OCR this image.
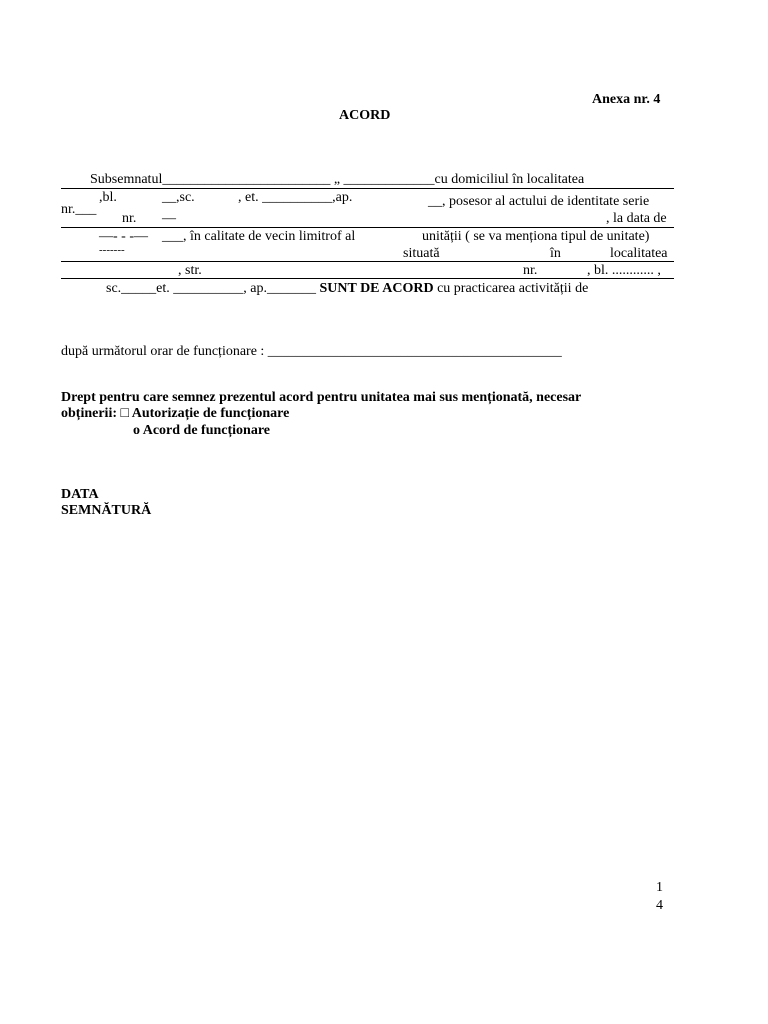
Anexa nr. 4
ACORD
Subsemnatul________________________ „ _____________cu domiciliul în localitatea
,bl.	__,sc.	, et. __________,ap.	__, posesor al actului de identitate serie
nr.___
nr. —	, la data de
—- - -— ___, în calitate de vecin limitrof al	unității ( se va menționa tipul de unitate)
-------	situată	în	localitatea
, str.	nr.	, bl. ............ ,
sc._____et. __________, ap._______ SUNT DE ACORD cu practicarea activității de
după următorul orar de funcționare : __________________________________________
Drept pentru care semnez prezentul acord pentru unitatea mai sus menționată, necesar
obținerii: □ Autorizație de funcționare
o Acord de funcționare
DATA
SEMNĂTURĂ
1
4
